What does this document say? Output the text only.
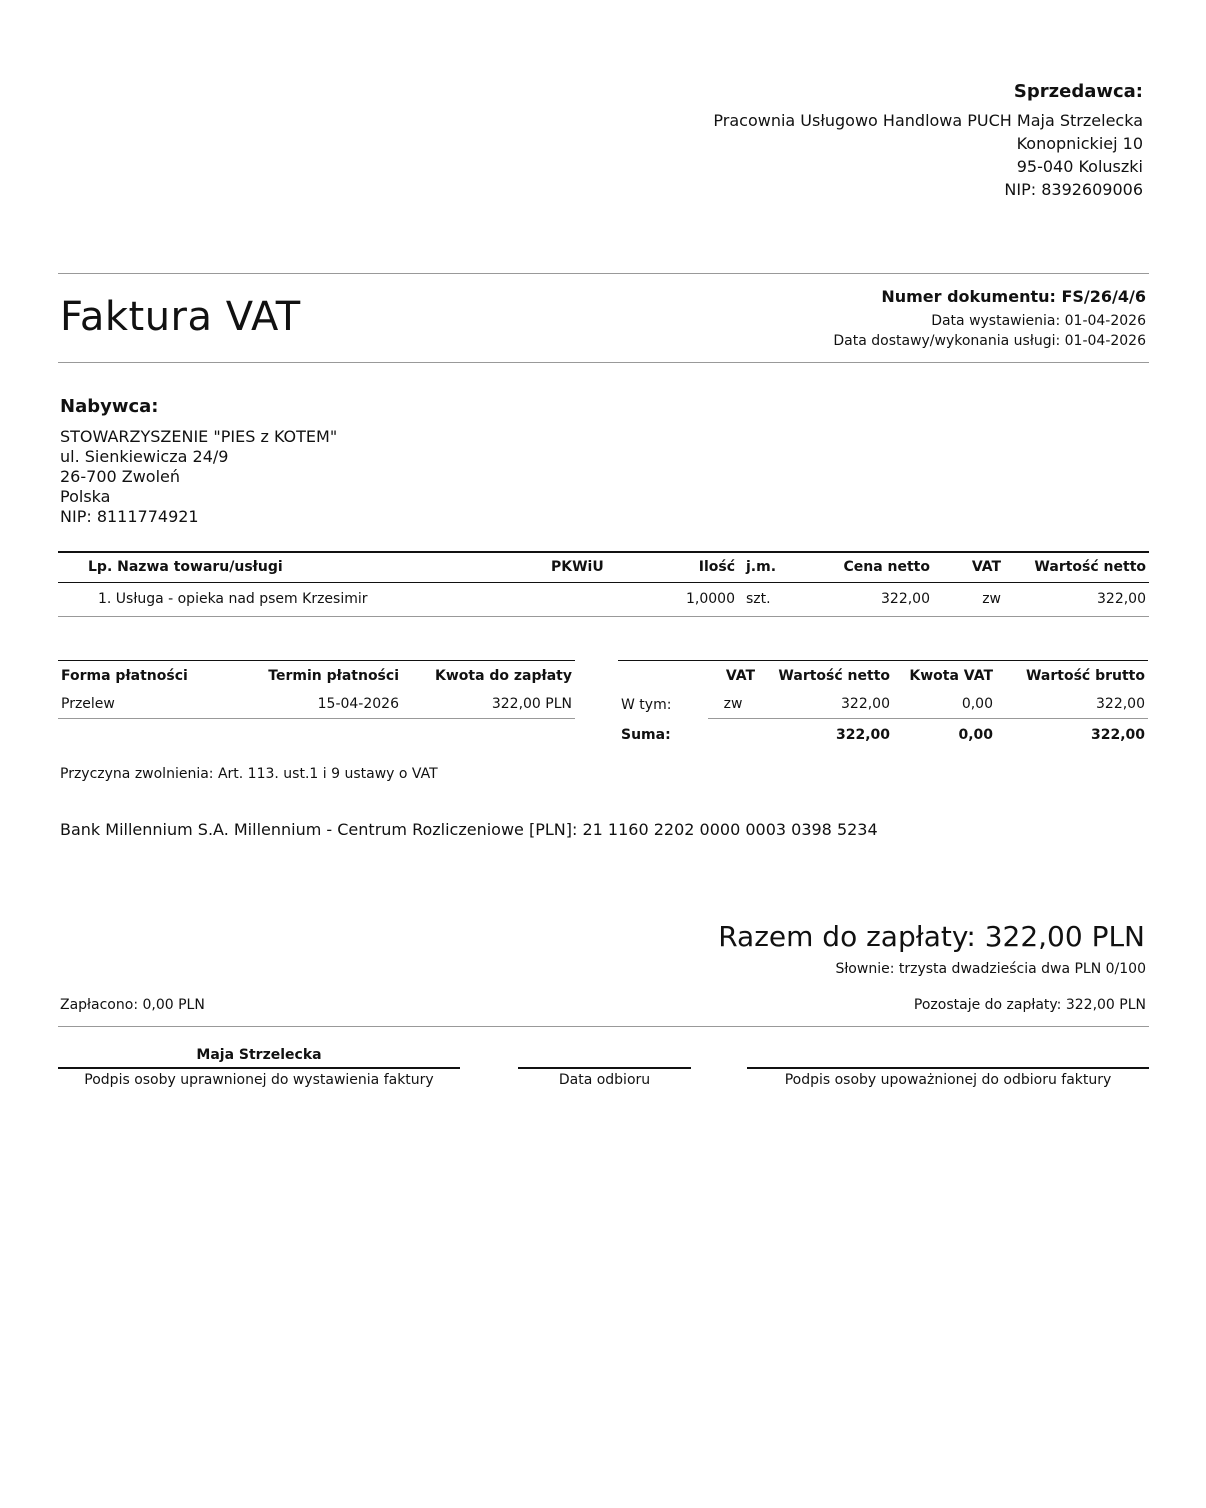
Sprzedawca:
Pracownia Usługowo Handlowa PUCH Maja Strzelecka
Konopnickiej 10
95-040 Koluszki
NIP: 8392609006
Faktura VAT	Numer dokumentu: FS/26/4/6
Data wystawienia: 01-04-2026
Data dostawy/wykonania usługi: 01-04-2026
Nabywca:
STOWARZYSZENIE "PIES z KOTEM"
ul. Sienkiewicza 24/9
26-700 Zwoleń
Polska
NIP: 8111774921
Lp. Nazwa towaru/usługi	PKWiU	Ilość	j.m.	Cena netto	VAT	Wartość netto
1. Usługa - opieka nad psem Krzesimir		1,0000	szt.	322,00	zw	322,00
Forma płatności	Termin płatności	Kwota do zapłaty
Przelew	15-04-2026	322,00 PLN
	VAT	Wartość netto	Kwota VAT	Wartość brutto
W tym:	zw	322,00	0,00	322,00
Suma:		322,00	0,00	322,00
Przyczyna zwolnienia: Art. 113. ust.1 i 9 ustawy o VAT
Bank Millennium S.A. Millennium - Centrum Rozliczeniowe [PLN]: 21 1160 2202 0000 0003 0398 5234
Razem do zapłaty: 322,00 PLN
Słownie: trzysta dwadzieścia dwa PLN 0/100
Zapłacono: 0,00 PLN	Pozostaje do zapłaty: 322,00 PLN
Maja Strzelecka
Podpis osoby uprawnionej do wystawienia faktury	Data odbioru	Podpis osoby upoważnionej do odbioru faktury
